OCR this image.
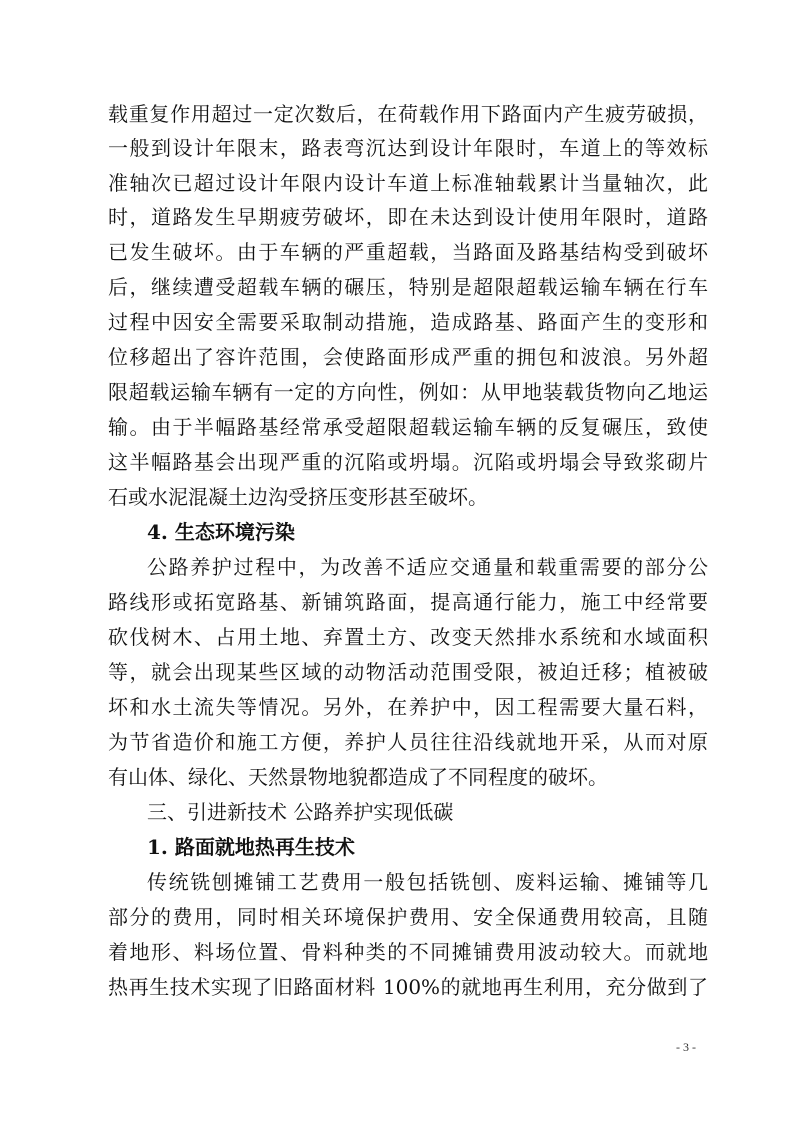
载重复作用超过一定次数后，在荷载作用下路面内产生疲劳破损，
一般到设计年限末，路表弯沉达到设计年限时，车道上的等效标
准轴次已超过设计年限内设计车道上标准轴载累计当量轴次，此
时，道路发生早期疲劳破坏，即在未达到设计使用年限时，道路
已发生破坏。由于车辆的严重超载，当路面及路基结构受到破坏
后，继续遭受超载车辆的碾压，特别是超限超载运输车辆在行车
过程中因安全需要采取制动措施，造成路基、路面产生的变形和
位移超出了容许范围，会使路面形成严重的拥包和波浪。另外超
限超载运输车辆有一定的方向性，例如：从甲地装载货物向乙地运
输。由于半幅路基经常承受超限超载运输车辆的反复碾压，致使
这半幅路基会出现严重的沉陷或坍塌。沉陷或坍塌会导致浆砌片
石或水泥混凝土边沟受挤压变形甚至破坏。
4. 生态环境污染
公路养护过程中，为改善不适应交通量和载重需要的部分公
路线形或拓宽路基、新铺筑路面，提高通行能力，施工中经常要
砍伐树木、占用土地、弃置土方、改变天然排水系统和水域面积
等，就会出现某些区域的动物活动范围受限，被迫迁移；植被破
坏和水土流失等情况。另外，在养护中，因工程需要大量石料，
为节省造价和施工方便，养护人员往往沿线就地开采，从而对原
有山体、绿化、天然景物地貌都造成了不同程度的破坏。
三、引进新技术 公路养护实现低碳
1. 路面就地热再生技术
传统铣刨摊铺工艺费用一般包括铣刨、废料运输、摊铺等几
部分的费用，同时相关环境保护费用、安全保通费用较高，且随
着地形、料场位置、骨料种类的不同摊铺费用波动较大。而就地
热再生技术实现了旧路面材料 100%的就地再生利用，充分做到了
- 3 -
